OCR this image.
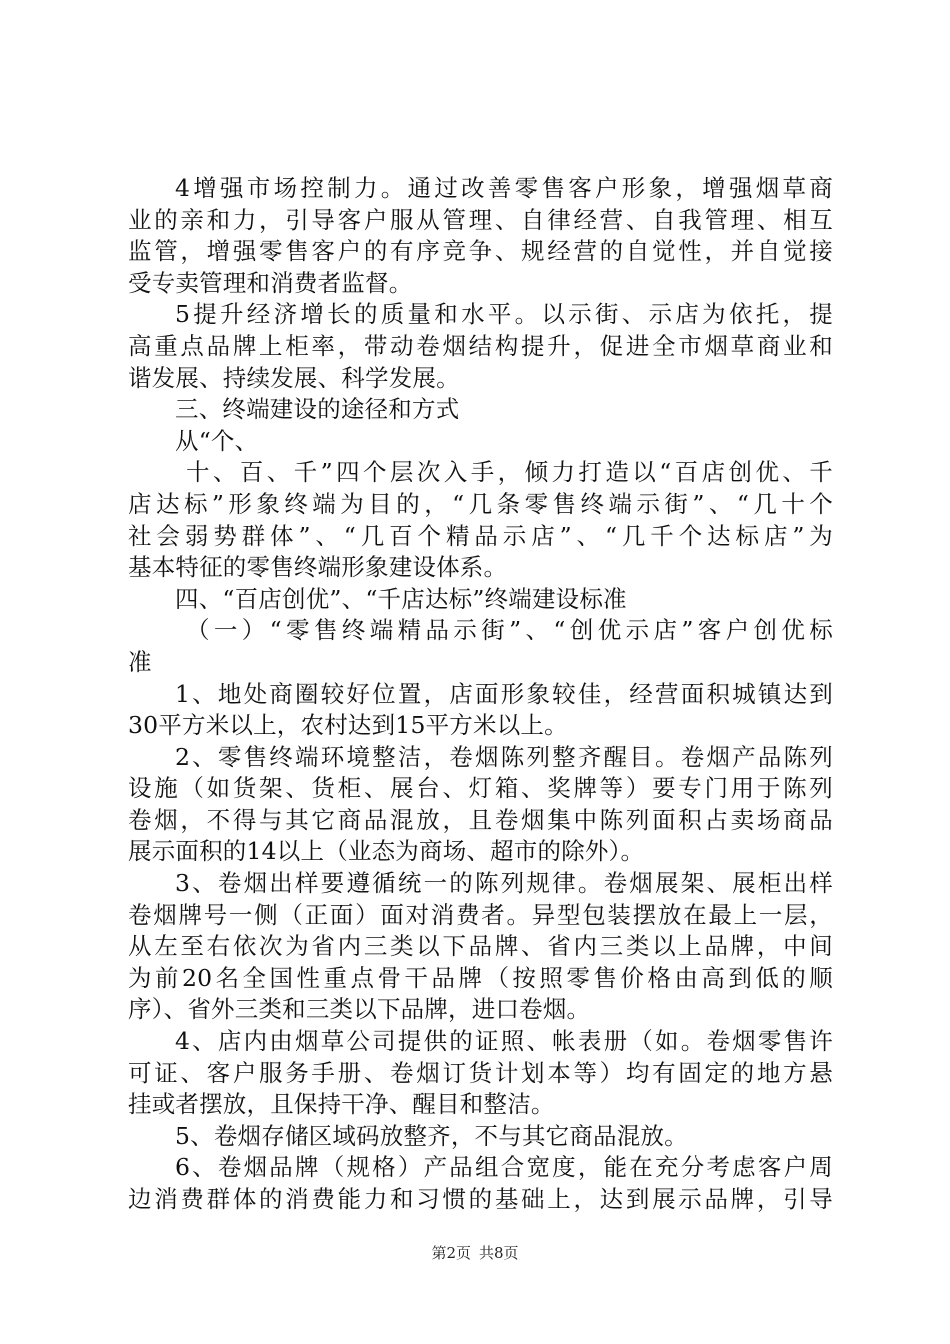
4增强市场控制力。通过改善零售客户形象，增强烟草商
业的亲和力，引导客户服从管理、自律经营、自我管理、相互
监管，增强零售客户的有序竞争、规经营的自觉性，并自觉接
受专卖管理和消费者监督。
5提升经济增长的质量和水平。以示街、示店为依托，提
高重点品牌上柜率，带动卷烟结构提升，促进全市烟草商业和
谐发展、持续发展、科学发展。
三、终端建设的途径和方式
从“个、
十、百、千”四个层次入手，倾力打造以“百店创优、千
店达标”形象终端为目的，“几条零售终端示街”、“几十个
社会弱势群体”、“几百个精品示店”、“几千个达标店”为
基本特征的零售终端形象建设体系。
四、“百店创优”、“千店达标”终端建设标准
（一）“零售终端精品示街”、“创优示店”客户创优标
准
1、地处商圈较好位置，店面形象较佳，经营面积城镇达到
30平方米以上，农村达到15平方米以上。
2、零售终端环境整洁，卷烟陈列整齐醒目。卷烟产品陈列
设施（如货架、货柜、展台、灯箱、奖牌等）要专门用于陈列
卷烟，不得与其它商品混放，且卷烟集中陈列面积占卖场商品
展示面积的14以上（业态为商场、超市的除外）。
3、卷烟出样要遵循统一的陈列规律。卷烟展架、展柜出样
卷烟牌号一侧（正面）面对消费者。异型包装摆放在最上一层，
从左至右依次为省内三类以下品牌、省内三类以上品牌，中间
为前20名全国性重点骨干品牌（按照零售价格由高到低的顺
序）、省外三类和三类以下品牌，进口卷烟。
4、店内由烟草公司提供的证照、帐表册（如。卷烟零售许
可证、客户服务手册、卷烟订货计划本等）均有固定的地方悬
挂或者摆放，且保持干净、醒目和整洁。
5、卷烟存储区域码放整齐，不与其它商品混放。
6、卷烟品牌（规格）产品组合宽度，能在充分考虑客户周
边消费群体的消费能力和习惯的基础上，达到展示品牌，引导
第2页 共8页
